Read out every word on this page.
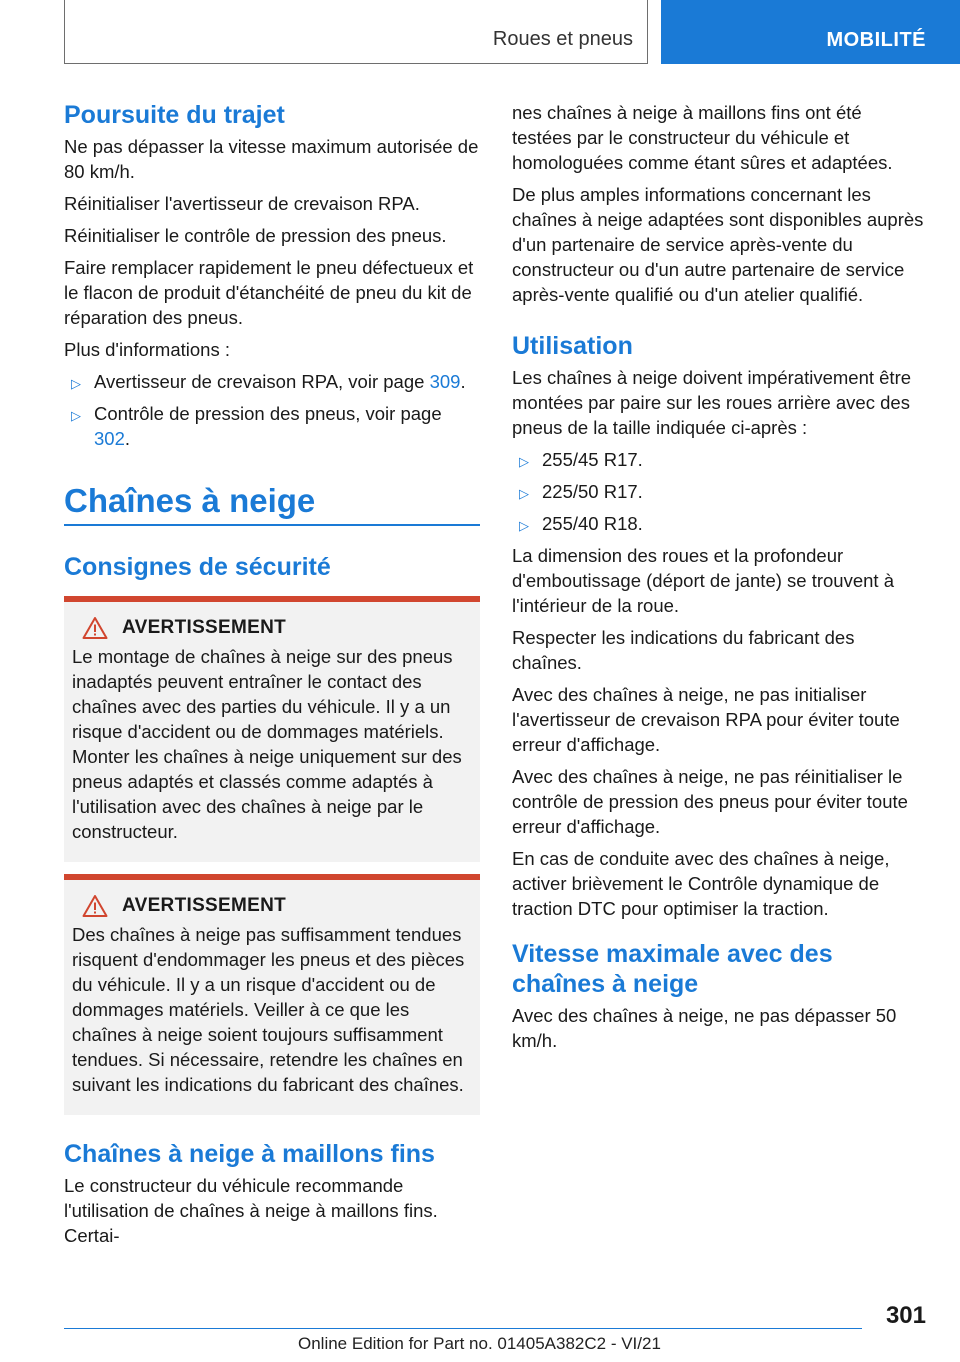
Roues et pneus	MOBILITÉ
Poursuite du trajet

Ne pas dépasser la vitesse maximum autorisée de 80 km/h.

Réinitialiser l'avertisseur de crevaison RPA.

Réinitialiser le contrôle de pression des pneus.

Faire remplacer rapidement le pneu défectueux et le flacon de produit d'étanchéité de pneu du kit de réparation des pneus.

Plus d'informations :

▷ Avertisseur de crevaison RPA, voir page 309.
▷ Contrôle de pression des pneus, voir page 302.
Chaînes à neige
Consignes de sécurité
AVERTISSEMENT

Le montage de chaînes à neige sur des pneus inadaptés peuvent entraîner le contact des chaînes avec des parties du véhicule. Il y a un risque d'accident ou de dommages matériels. Monter les chaînes à neige uniquement sur des pneus adaptés et classés comme adaptés à l'utilisation avec des chaînes à neige par le constructeur.

AVERTISSEMENT

Des chaînes à neige pas suffisamment tendues risquent d'endommager les pneus et des pièces du véhicule. Il y a un risque d'accident ou de dommages matériels. Veiller à ce que les chaînes à neige soient toujours suffisamment tendues. Si nécessaire, retendre les chaînes en suivant les indications du fabricant des chaînes.

Chaînes à neige à maillons fins

Le constructeur du véhicule recommande l'utilisation de chaînes à neige à maillons fins. Certai-

nes chaînes à neige à maillons fins ont été testées par le constructeur du véhicule et homologuées comme étant sûres et adaptées.

De plus amples informations concernant les chaînes à neige adaptées sont disponibles auprès d'un partenaire de service après-vente du constructeur ou d'un autre partenaire de service après-vente qualifié ou d'un atelier qualifié.

Utilisation

Les chaînes à neige doivent impérativement être montées par paire sur les roues arrière avec des pneus de la taille indiquée ci-après :

▷ 255/45 R17.
▷ 225/50 R17.
▷ 255/40 R18.

La dimension des roues et la profondeur d'emboutissage (déport de jante) se trouvent à l'intérieur de la roue.

Respecter les indications du fabricant des chaînes.

Avec des chaînes à neige, ne pas initialiser l'avertisseur de crevaison RPA pour éviter toute erreur d'affichage.

Avec des chaînes à neige, ne pas réinitialiser le contrôle de pression des pneus pour éviter toute erreur d'affichage.

En cas de conduite avec des chaînes à neige, activer brièvement le Contrôle dynamique de traction DTC pour optimiser la traction.

Vitesse maximale avec des chaînes à neige

Avec des chaînes à neige, ne pas dépasser 50 km/h.

301
Online Edition for Part no. 01405A382C2 - VI/21
